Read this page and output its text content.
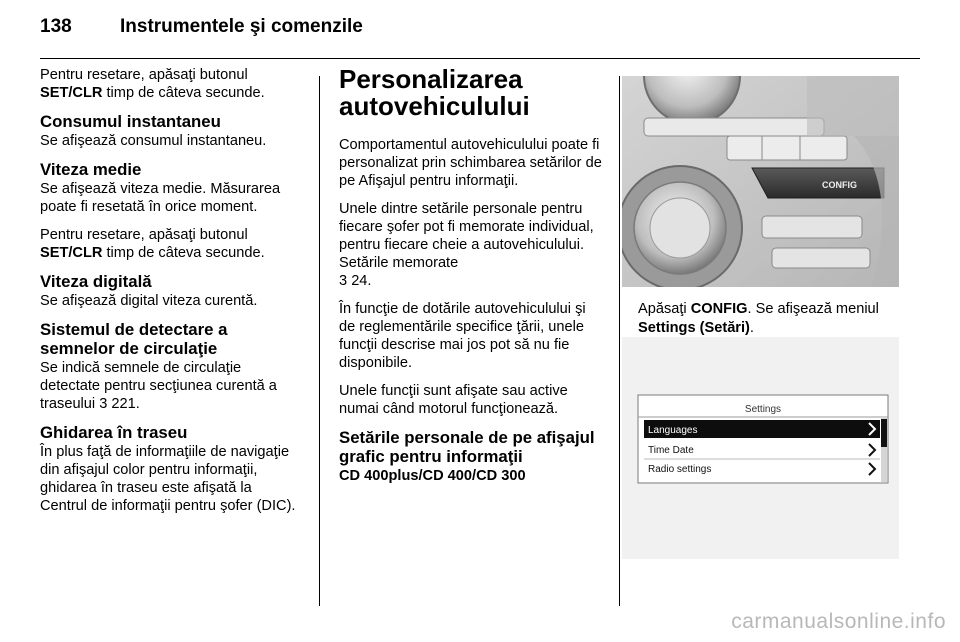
138	Instrumentele şi comenzile

Pentru resetare, apăsaţi butonul
SET/CLR timp de câteva secunde.

Consumul instantaneu

Se afişează consumul instantaneu.

Viteza medie

Se afişează viteza medie. Măsurarea poate fi resetată în orice moment.

Pentru resetare, apăsaţi butonul
SET/CLR timp de câteva secunde.

Viteza digitală

Se afişează digital viteza curentă.

Sistemul de detectare a semnelor de circulaţie

Se indică semnele de circulaţie detectate pentru secţiunea curentă a traseului 3 221.

Ghidarea în traseu

În plus faţă de informaţiile de navigaţie din afişajul color pentru informaţii, ghidarea în traseu este afişată la Centrul de informaţii pentru şofer (DIC).

Personalizarea autovehiculului

Comportamentul autovehiculului poate fi personalizat prin schimbarea setărilor de pe Afişajul pentru informaţii.

Unele dintre setările personale pentru fiecare şofer pot fi memorate individual, pentru fiecare cheie a autovehiculului. Setările memorate
3 24.

În funcţie de dotările autovehiculului şi de reglementările specifice ţării, unele funcţii descrise mai jos pot să nu fie disponibile.

Unele funcţii sunt afişate sau active numai când motorul funcţionează.

Setările personale de pe afişajul grafic pentru informaţii
CD 400plus/CD 400/CD 300
CONFIG
Apăsaţi CONFIG. Se afişează meniul Settings (Setări).
Settings
Languages
Time Date
Radio settings
carmanualsonline.info
